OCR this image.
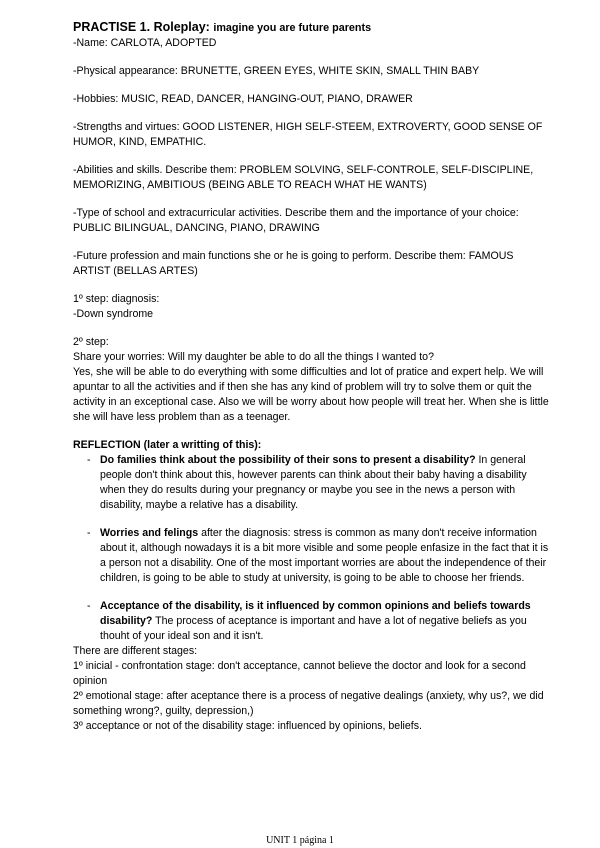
PRACTISE 1. Roleplay: imagine you are future parents

-Name: CARLOTA, ADOPTED

-Physical appearance: BRUNETTE, GREEN EYES, WHITE SKIN, SMALL THIN BABY

-Hobbies: MUSIC, READ, DANCER, HANGING-OUT, PIANO, DRAWER

-Strengths and virtues: GOOD LISTENER, HIGH SELF-STEEM, EXTROVERTY, GOOD SENSE OF HUMOR, KIND, EMPATHIC.

-Abilities and skills. Describe them: PROBLEM SOLVING, SELF-CONTROLE, SELF-DISCIPLINE, MEMORIZING, AMBITIOUS (BEING ABLE TO REACH WHAT HE WANTS)

-Type of school and extracurricular activities. Describe them and the importance of your choice: PUBLIC BILINGUAL, DANCING, PIANO, DRAWING

-Future profession and main functions she or he is going to perform. Describe them: FAMOUS ARTIST (BELLAS ARTES)

1º step: diagnosis:

-Down syndrome

2º step:

Share your worries: Will my daughter be able to do all the things I wanted to?

Yes, she will be able to do everything with some difficulties and lot of pratice and expert help. We will apuntar to all the activities and if then she has any kind of problem will try to solve them or quit the activity in an exceptional case. Also we will be worry about how people will treat her. When she is little she will have less problem than as a teenager.

REFLECTION (later a writting of this):

- Do families think about the possibility of their sons to present a disability? In general people don't think about this, however parents can think about their baby having a disability when they do results during your pregnancy or maybe you see in the news a person with disability, maybe a relative has a disability.
- Worries and felings after the diagnosis: stress is common as many don't receive information about it, although nowadays it is a bit more visible and some people enfasize in the fact that it is a person not a disability. One of the most important worries are about the independence of their children, is going to be able to study at university, is going to be able to choose her friends.
- Acceptance of the disability, is it influenced by common opinions and beliefs towards disability? The process of aceptance is important and have a lot of negative beliefs as you thouht of your ideal son and it isn't.

There are different stages:

1º inicial - confrontation stage: don't acceptance, cannot believe the doctor and look for a second opinion

2º emotional stage: after aceptance there is a process of negative dealings (anxiety, why us?, we did something wrong?, guilty, depression,)

3º acceptance or not of the disability stage: influenced by opinions, beliefs.

UNIT 1 página 1
